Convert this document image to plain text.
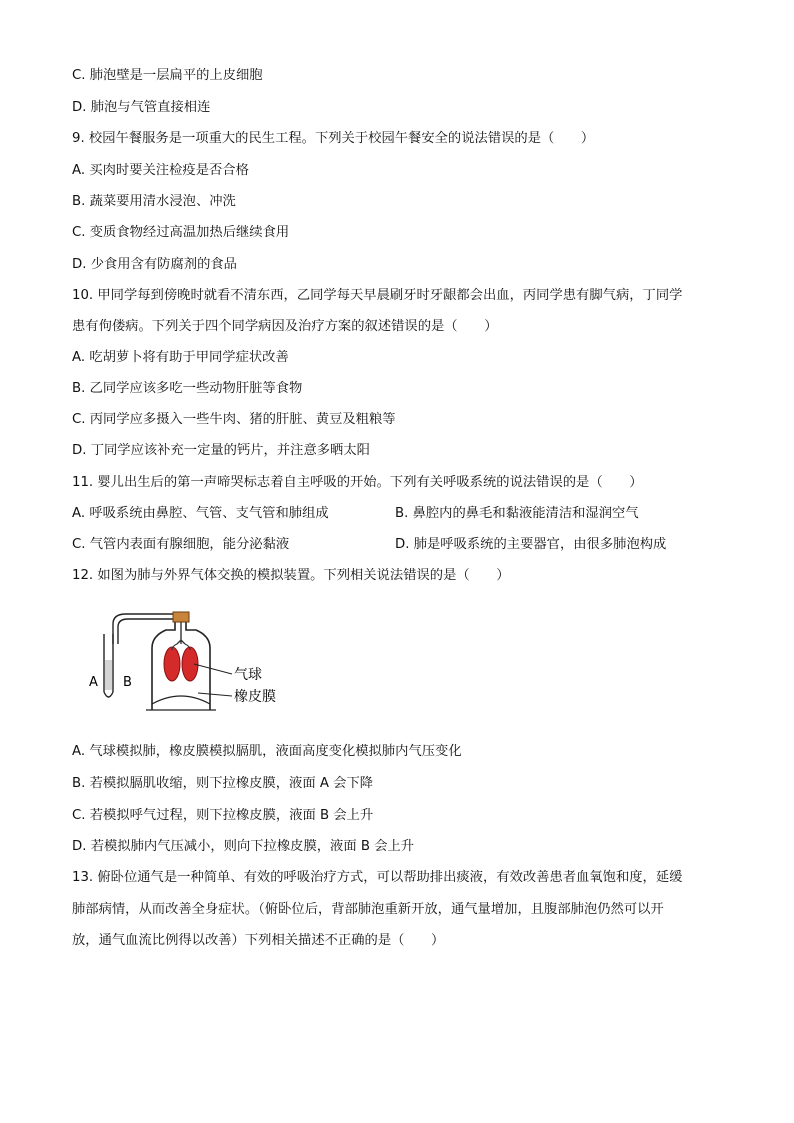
C. 肺泡壁是一层扁平的上皮细胞
D. 肺泡与气管直接相连
9. 校园午餐服务是一项重大的民生工程。下列关于校园午餐安全的说法错误的是（　　）
A. 买肉时要关注检疫是否合格
B. 蔬菜要用清水浸泡、冲洗
C. 变质食物经过高温加热后继续食用
D. 少食用含有防腐剂的食品
10. 甲同学每到傍晚时就看不清东西，乙同学每天早晨刷牙时牙龈都会出血，丙同学患有脚气病，丁同学
患有佝偻病。下列关于四个同学病因及治疗方案的叙述错误的是（　　）
A. 吃胡萝卜将有助于甲同学症状改善
B. 乙同学应该多吃一些动物肝脏等食物
C. 丙同学应多摄入一些牛肉、猪的肝脏、黄豆及粗粮等
D. 丁同学应该补充一定量的钙片，并注意多晒太阳
11. 婴儿出生后的第一声啼哭标志着自主呼吸的开始。下列有关呼吸系统的说法错误的是（　　）
A. 呼吸系统由鼻腔、气管、支气管和肺组成	B. 鼻腔内的鼻毛和黏液能清洁和湿润空气
C. 气管内表面有腺细胞，能分泌黏液	D. 肺是呼吸系统的主要器官，由很多肺泡构成
12. 如图为肺与外界气体交换的模拟装置。下列相关说法错误的是（　　）
A B	气球
橡皮膜
A. 气球模拟肺，橡皮膜模拟膈肌，液面高度变化模拟肺内气压变化
B. 若模拟膈肌收缩，则下拉橡皮膜，液面 A 会下降
C. 若模拟呼气过程，则下拉橡皮膜，液面 B 会上升
D. 若模拟肺内气压减小，则向下拉橡皮膜，液面 B 会上升
13. 俯卧位通气是一种简单、有效的呼吸治疗方式，可以帮助排出痰液，有效改善患者血氧饱和度，延缓
肺部病情，从而改善全身症状。（俯卧位后，背部肺泡重新开放，通气量增加，且腹部肺泡仍然可以开
放，通气血流比例得以改善）下列相关描述不正确的是（　　）
